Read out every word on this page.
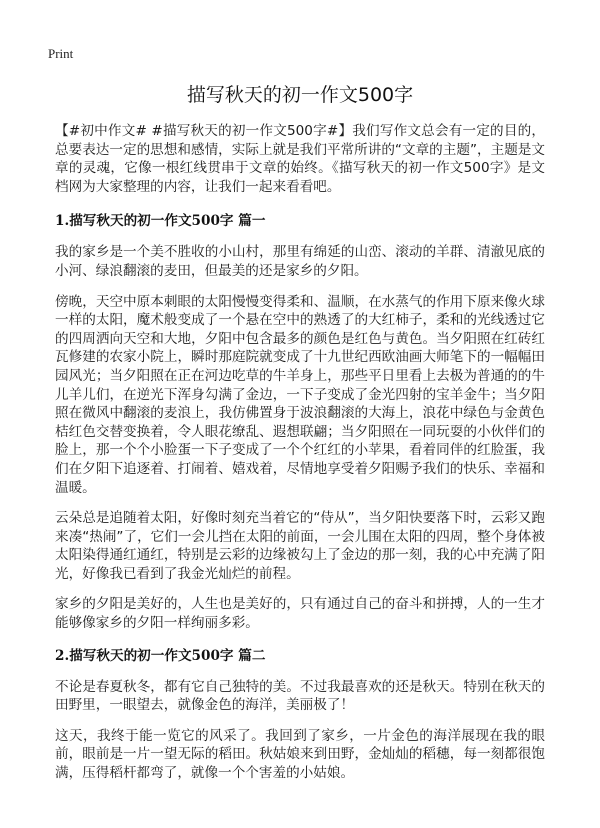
Print
描写秋天的初一作文500字

【#初中作文# #描写秋天的初一作文500字#】我们写作文总会有一定的目的，总要表达一定的思想和感情，实际上就是我们平常所讲的“文章的主题”，主题是文章的灵魂，它像一根红线贯串于文章的始终。《描写秋天的初一作文500字》是文档网为大家整理的内容，让我们一起来看看吧。

1.描写秋天的初一作文500字 篇一

我的家乡是一个美不胜收的小山村，那里有绵延的山峦、滚动的羊群、清澈见底的小河、绿浪翻滚的麦田，但最美的还是家乡的夕阳。

傍晚，天空中原本刺眼的太阳慢慢变得柔和、温顺，在水蒸气的作用下原来像火球一样的太阳，魔术般变成了一个悬在空中的熟透了的大红柿子，柔和的光线透过它的四周洒向天空和大地，夕阳中包含最多的颜色是红色与黄色。当夕阳照在红砖红瓦修建的农家小院上，瞬时那庭院就变成了十九世纪西欧油画大师笔下的一幅幅田园风光；当夕阳照在正在河边吃草的牛羊身上，那些平日里看上去极为普通的的牛儿羊儿们，在逆光下浑身勾满了金边，一下子变成了金光四射的宝羊金牛；当夕阳照在微风中翻滚的麦浪上，我仿佛置身于波浪翻滚的大海上，浪花中绿色与金黄色桔红色交替变换着，令人眼花缭乱、遐想联翩；当夕阳照在一同玩耍的小伙伴们的脸上，那一个个小脸蛋一下子变成了一个个红红的小苹果，看着同伴的红脸蛋，我们在夕阳下追逐着、打闹着、嬉戏着，尽情地享受着夕阳赐予我们的快乐、幸福和温暖。

云朵总是追随着太阳，好像时刻充当着它的“侍从”，当夕阳快要落下时，云彩又跑来凑“热闹”了，它们一会儿挡在太阳的前面，一会儿围在太阳的四周，整个身体被太阳染得通红通红，特别是云彩的边缘被勾上了金边的那一刻，我的心中充满了阳光，好像我已看到了我金光灿烂的前程。

家乡的夕阳是美好的，人生也是美好的，只有通过自己的奋斗和拼搏，人的一生才能够像家乡的夕阳一样绚丽多彩。

2.描写秋天的初一作文500字 篇二

不论是春夏秋冬，都有它自己独特的美。不过我最喜欢的还是秋天。特别在秋天的田野里，一眼望去，就像金色的海洋，美丽极了！

这天，我终于能一览它的风采了。我回到了家乡，一片金色的海洋展现在我的眼前，眼前是一片一望无际的稻田。秋姑娘来到田野，金灿灿的稻穗，每一刻都很饱满，压得稻杆都弯了，就像一个个害羞的小姑娘。
